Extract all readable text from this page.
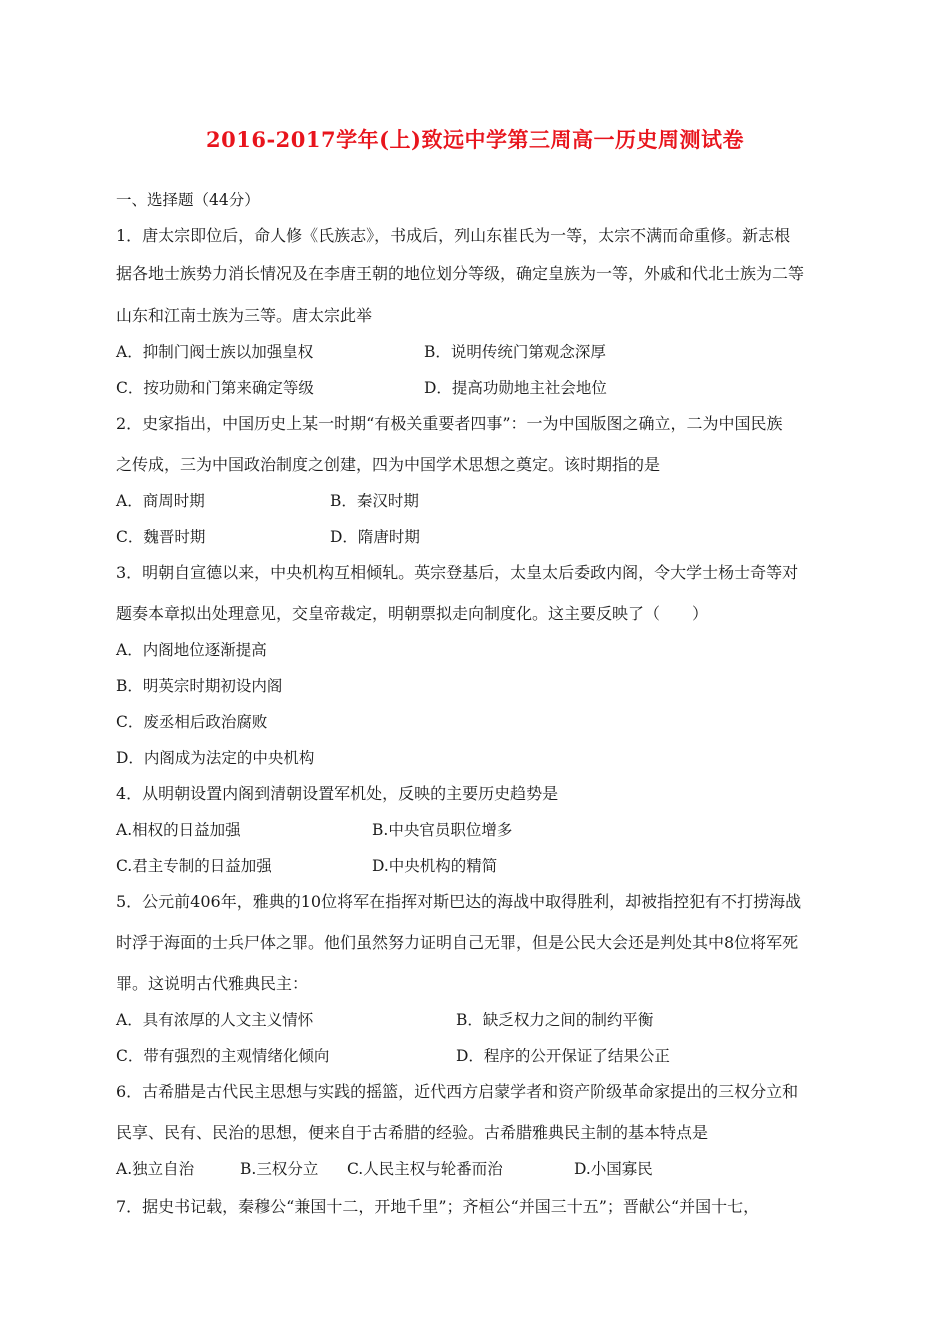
2016-2017学年(上)致远中学第三周高一历史周测试卷
一、选择题（44分）
1．唐太宗即位后，命人修《氏族志》，书成后，列山东崔氏为一等，太宗不满而命重修。新志根
据各地士族势力消长情况及在李唐王朝的地位划分等级，确定皇族为一等，外戚和代北士族为二等
山东和江南士族为三等。唐太宗此举
A．抑制门阀士族以加强皇权	B．说明传统门第观念深厚
C．按功勋和门第来确定等级	D．提高功勋地主社会地位
2．史家指出，中国历史上某一时期“有极关重要者四事”：一为中国版图之确立，二为中国民族
之传成，三为中国政治制度之创建，四为中国学术思想之奠定。该时期指的是
A．商周时期	B．秦汉时期
C．魏晋时期	D．隋唐时期
3．明朝自宣德以来，中央机构互相倾轧。英宗登基后，太皇太后委政内阁，令大学士杨士奇等对
题奏本章拟出处理意见，交皇帝裁定，明朝票拟走向制度化。这主要反映了（　　）
A．内阁地位逐渐提高
B．明英宗时期初设内阁
C．废丞相后政治腐败
D．内阁成为法定的中央机构
4．从明朝设置内阁到清朝设置军机处，反映的主要历史趋势是
A.相权的日益加强	B.中央官员职位增多
C.君主专制的日益加强	D.中央机构的精简
5．公元前406年，雅典的10位将军在指挥对斯巴达的海战中取得胜利，却被指控犯有不打捞海战
时浮于海面的士兵尸体之罪。他们虽然努力证明自己无罪，但是公民大会还是判处其中8位将军死
罪。这说明古代雅典民主：
A．具有浓厚的人文主义情怀	B．缺乏权力之间的制约平衡
C．带有强烈的主观情绪化倾向	D．程序的公开保证了结果公正
6．古希腊是古代民主思想与实践的摇篮，近代西方启蒙学者和资产阶级革命家提出的三权分立和
民享、民有、民治的思想，便来自于古希腊的经验。古希腊雅典民主制的基本特点是
A.独立自治	B.三权分立 C.人民主权与轮番而治	D.小国寡民
7．据史书记载，秦穆公“兼国十二，开地千里”；齐桓公“并国三十五”；晋献公“并国十七，
